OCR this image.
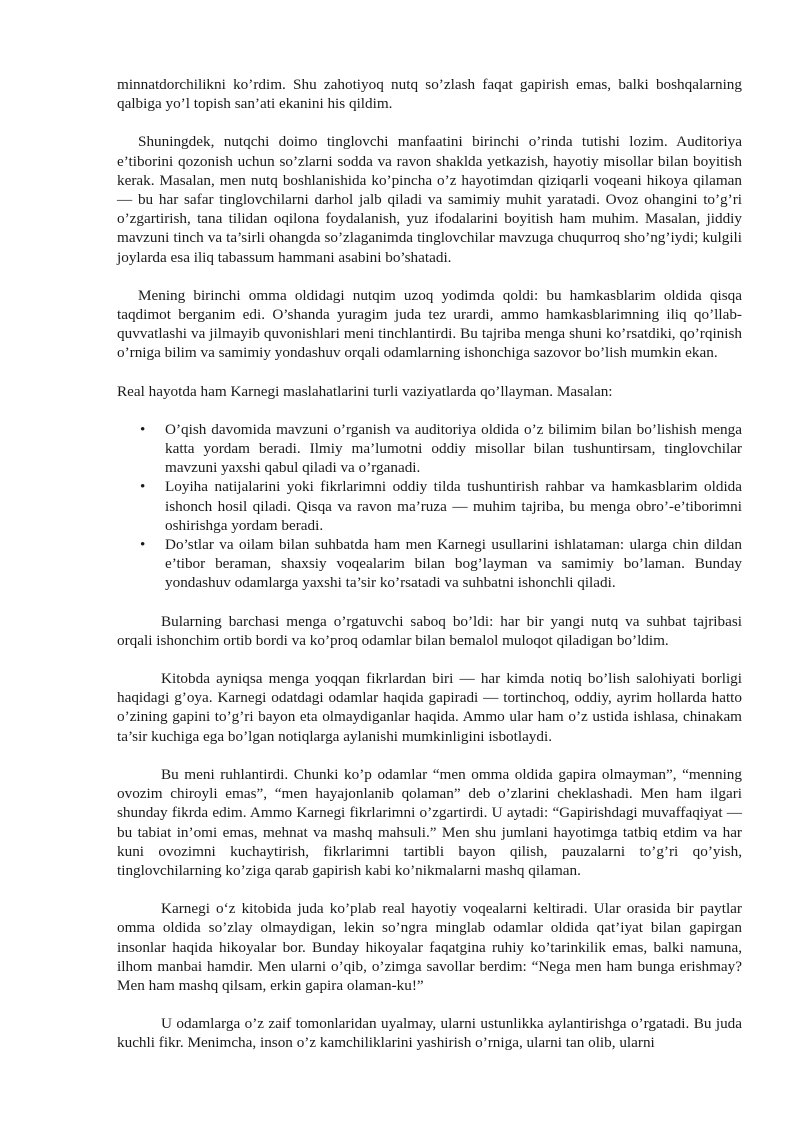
minnatdorchilikni ko’rdim. Shu zahotiyoq nutq so’zlash faqat gapirish emas, balki boshqalarning qalbiga yo’l topish san’ati ekanini his qildim.

Shuningdek, nutqchi doimo tinglovchi manfaatini birinchi o’rinda tutishi lozim. Auditoriya e’tiborini qozonish uchun so’zlarni sodda va ravon shaklda yetkazish, hayotiy misollar bilan boyitish kerak. Masalan, men nutq boshlanishida ko’pincha o’z hayotimdan qiziqarli voqeani hikoya qilaman — bu har safar tinglovchilarni darhol jalb qiladi va samimiy muhit yaratadi. Ovoz ohangini to’g’ri o’zgartirish, tana tilidan oqilona foydalanish, yuz ifodalarini boyitish ham muhim. Masalan, jiddiy mavzuni tinch va ta’sirli ohangda so’zlaganimda tinglovchilar mavzuga chuqurroq sho’ng’iydi; kulgili joylarda esa iliq tabassum hammani asabini bo’shatadi.

Mening birinchi omma oldidagi nutqim uzoq yodimda qoldi: bu hamkasblarim oldida qisqa taqdimot berganim edi. O’shanda yuragim juda tez urardi, ammo hamkasblarimning iliq qo’llab-quvvatlashi va jilmayib quvonishlari meni tinchlantirdi. Bu tajriba menga shuni ko’rsatdiki, qo’rqinish o’rniga bilim va samimiy yondashuv orqali odamlarning ishonchiga sazovor bo’lish mumkin ekan.

Real hayotda ham Karnegi maslahatlarini turli vaziyatlarda qo’llayman. Masalan:

• O’qish davomida mavzuni o’rganish va auditoriya oldida o’z bilimim bilan bo’lishish menga katta yordam beradi. Ilmiy ma’lumotni oddiy misollar bilan tushuntirsam, tinglovchilar mavzuni yaxshi qabul qiladi va o’rganadi.
• Loyiha natijalarini yoki fikrlarimni oddiy tilda tushuntirish rahbar va hamkasblarim oldida ishonch hosil qiladi. Qisqa va ravon ma’ruza — muhim tajriba, bu menga obro’-e’tiborimni oshirishga yordam beradi.
• Do’stlar va oilam bilan suhbatda ham men Karnegi usullarini ishlataman: ularga chin dildan e’tibor beraman, shaxsiy voqealarim bilan bog’layman va samimiy bo’laman. Bunday yondashuv odamlarga yaxshi ta’sir ko’rsatadi va suhbatni ishonchli qiladi.

Bularning barchasi menga o’rgatuvchi saboq bo’ldi: har bir yangi nutq va suhbat tajribasi orqali ishonchim ortib bordi va ko’proq odamlar bilan bemalol muloqot qiladigan bo’ldim.

Kitobda ayniqsa menga yoqqan fikrlardan biri — har kimda notiq bo’lish salohiyati borligi haqidagi g’oya. Karnegi odatdagi odamlar haqida gapiradi — tortinchoq, oddiy, ayrim hollarda hatto o’zining gapini to’g’ri bayon eta olmaydiganlar haqida. Ammo ular ham o’z ustida ishlasa, chinakam ta’sir kuchiga ega bo’lgan notiqlarga aylanishi mumkinligini isbotlaydi.

Bu meni ruhlantirdi. Chunki ko’p odamlar “men omma oldida gapira olmayman”, “menning ovozim chiroyli emas”, “men hayajonlanib qolaman” deb o’zlarini cheklashadi. Men ham ilgari shunday fikrda edim. Ammo Karnegi fikrlarimni o’zgartirdi. U aytadi: “Gapirishdagi muvaffaqiyat — bu tabiat in’omi emas, mehnat va mashq mahsuli.” Men shu jumlani hayotimga tatbiq etdim va har kuni ovozimni kuchaytirish, fikrlarimni tartibli bayon qilish, pauzalarni to’g’ri qo’yish, tinglovchilarning ko’ziga qarab gapirish kabi ko’nikmalarni mashq qilaman.

Karnegi o‘z kitobida juda ko’plab real hayotiy voqealarni keltiradi. Ular orasida bir paytlar omma oldida so’zlay olmaydigan, lekin so’ngra minglab odamlar oldida qat’iyat bilan gapirgan insonlar haqida hikoyalar bor. Bunday hikoyalar faqatgina ruhiy ko’tarinkilik emas, balki namuna, ilhom manbai hamdir. Men ularni o’qib, o’zimga savollar berdim: “Nega men ham bunga erishmay? Men ham mashq qilsam, erkin gapira olaman-ku!”

U odamlarga o’z zaif tomonlaridan uyalmay, ularni ustunlikka aylantirishga o’rgatadi. Bu juda kuchli fikr. Menimcha, inson o’z kamchiliklarini yashirish o’rniga, ularni tan olib, ularni
